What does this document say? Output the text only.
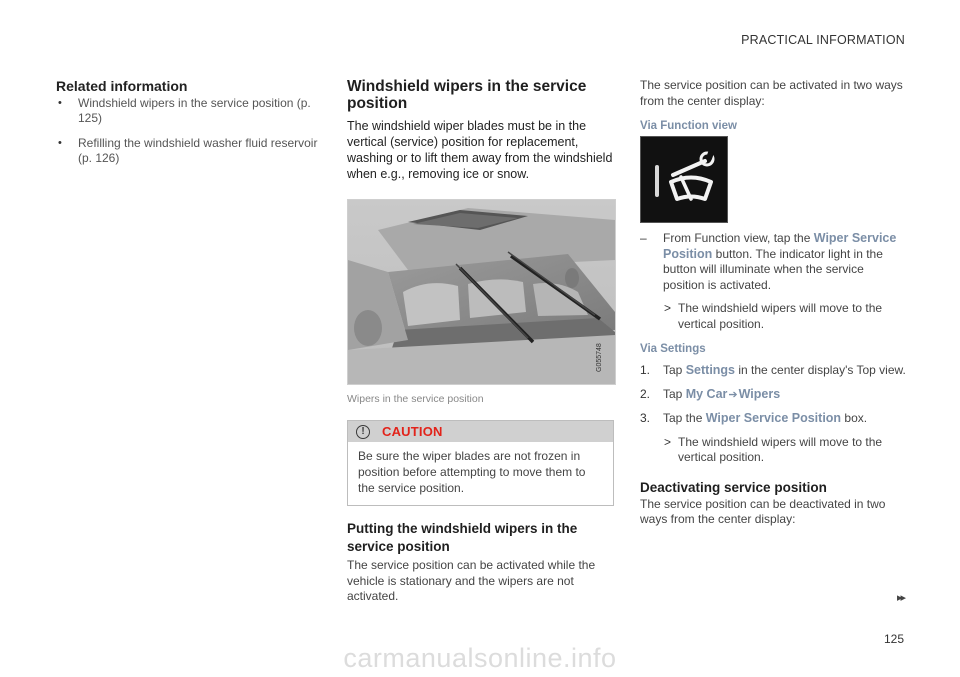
PRACTICAL INFORMATION
Related information
• Windshield wipers in the service position (p. 125)
• Refilling the windshield washer fluid reservoir (p. 126)
Windshield wipers in the service position

The windshield wiper blades must be in the vertical (service) position for replacement, washing or to lift them away from the windshield when e.g., removing ice or snow.

G055748

Wipers in the service position

!	CAUTION
Be sure the wiper blades are not frozen in position before attempting to move them to the service position.
Putting the windshield wipers in the service position

The service position can be activated while the vehicle is stationary and the wipers are not activated.

The service position can be activated in two ways from the center display:

Via Function view
– From Function view, tap the Wiper Service Position button. The indicator light in the button will illuminate when the service position is activated.
> The windshield wipers will move to the vertical position.
Via Settings
1. Tap Settings in the center display's Top view.
2. Tap My Car➔Wipers
3. Tap the Wiper Service Position box.
> The windshield wipers will move to the vertical position.
Deactivating service position

The service position can be deactivated in two ways from the center display:

▸▸
125
carmanualsonline.info
